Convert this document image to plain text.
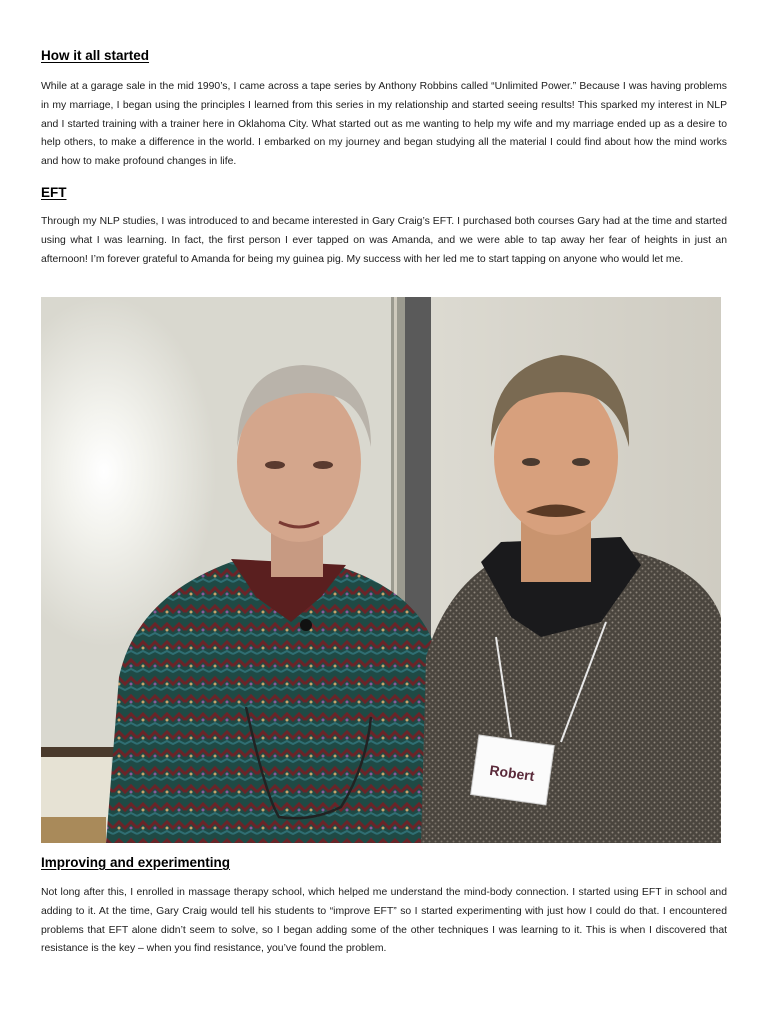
How it all started

While at a garage sale in the mid 1990’s, I came across a tape series by Anthony Robbins called “Unlimited Power.” Because I was having problems in my marriage, I began using the principles I learned from this series in my relationship and started seeing results! This sparked my interest in NLP and I started training with a trainer here in Oklahoma City. What started out as me wanting to help my wife and my marriage ended up as a desire to help others, to make a difference in the world. I embarked on my journey and began studying all the material I could find about how the mind works and how to make profound changes in life.

EFT

Through my NLP studies, I was introduced to and became interested in Gary Craig’s EFT. I purchased both courses Gary had at the time and started using what I was learning. In fact, the first person I ever tapped on was Amanda, and we were able to tap away her fear of heights in just an afternoon! I’m forever grateful to Amanda for being my guinea pig. My success with her led me to start tapping on anyone who would let me.

Robert
Improving and experimenting

Not long after this, I enrolled in massage therapy school, which helped me understand the mind-body connection. I started using EFT in school and adding to it. At the time, Gary Craig would tell his students to “improve EFT” so I started experimenting with just how I could do that. I encountered problems that EFT alone didn’t seem to solve, so I began adding some of the other techniques I was learning to it. This is when I discovered that resistance is the key – when you find resistance, you’ve found the problem.
